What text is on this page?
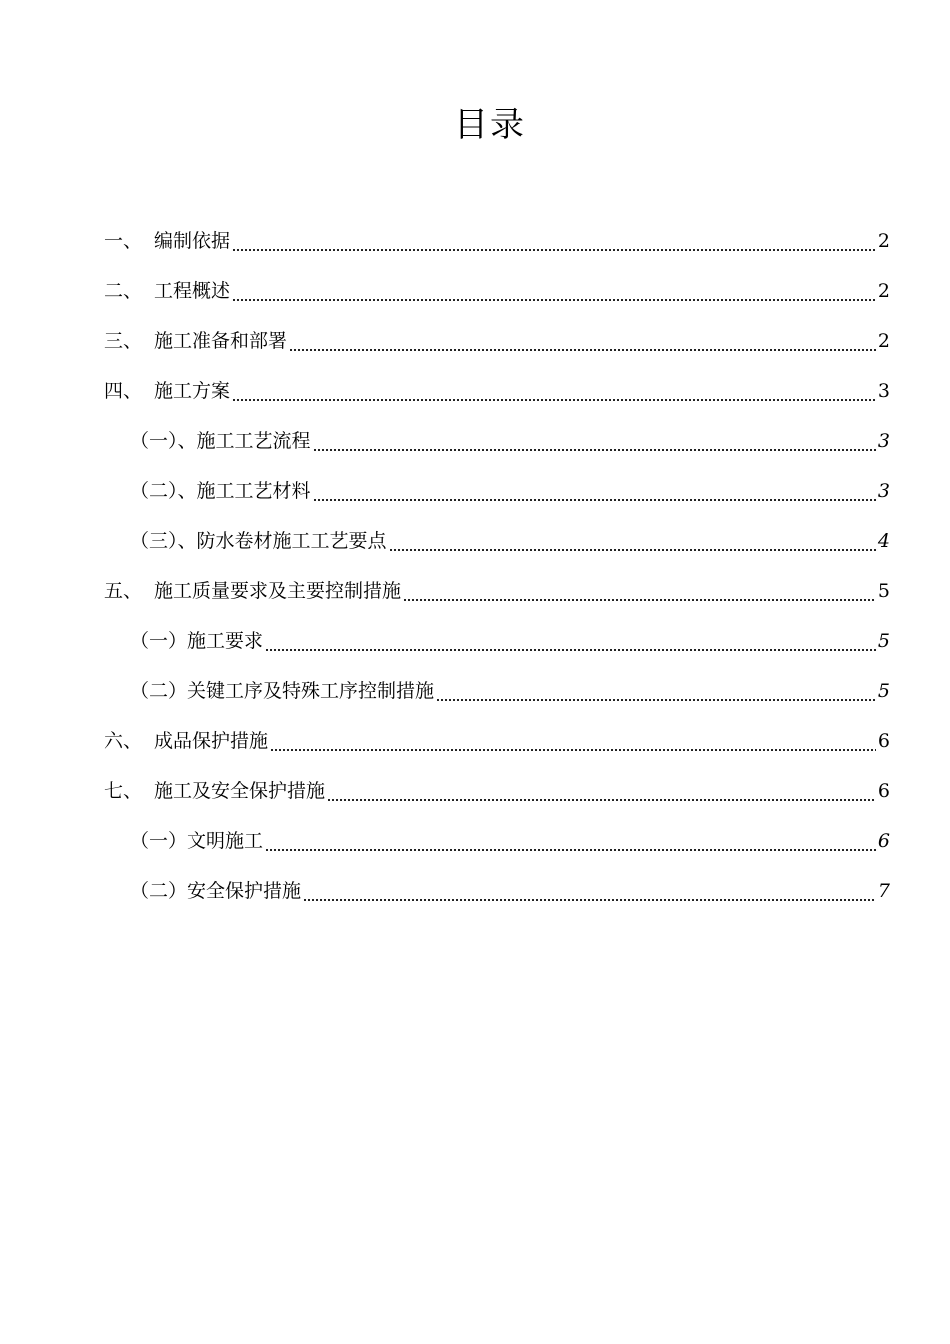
目录
一、 编制依据	2
二、 工程概述	2
三、 施工准备和部署	2
四、 施工方案	3
（一）、施工工艺流程	3
（二）、施工工艺材料	3
（三）、防水卷材施工工艺要点	4
五、 施工质量要求及主要控制措施	5
（一）施工要求	5
（二）关键工序及特殊工序控制措施	5
六、 成品保护措施	6
七、 施工及安全保护措施	6
（一）文明施工	6
（二）安全保护措施	7
